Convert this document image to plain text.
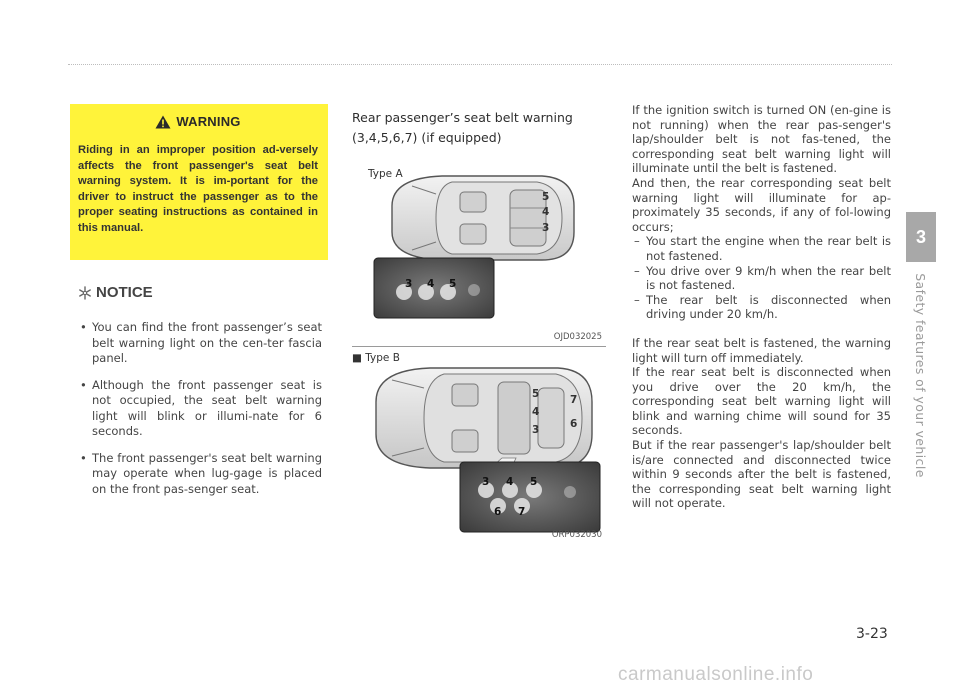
WARNING

Riding in an improper position ad-versely affects the front passenger's seat belt warning system. It is im-portant for the driver to instruct the passenger as to the proper seating instructions as contained in this manual.

NOTICE
• You can find the front passenger’s seat belt warning light on the cen-ter fascia panel.
• Although the front passenger seat is not occupied, the seat belt warning light will blink or illumi-nate for 6 seconds.
• The front passenger's seat belt warning may operate when lug-gage is placed on the front pas-senger seat.
Rear passenger’s seat belt warning (3,4,5,6,7) (if equipped)
Type A
5
4
3
3 4 5
OJD032025
■ Type B
5
4
3
7
6
3 4 5
6 7
ORP032030

If the ignition switch is turned ON (en-gine is not running) when the rear pas-senger's lap/shoulder belt is not fas-tened, the corresponding seat belt warning light will illuminate until the belt is fastened.

And then, the rear corresponding seat belt warning light will illuminate for ap-proximately 35 seconds, if any of fol-lowing occurs;

– You start the engine when the rear belt is not fastened.
– You drive over 9 km/h when the rear belt is not fastened.
– The rear belt is disconnected when driving under 20 km/h.

If the rear seat belt is fastened, the warning light will turn off immediately.

If the rear seat belt is disconnected when you drive over the 20 km/h, the corresponding seat belt warning light will blink and warning chime will sound for 35 seconds.

But if the rear passenger's lap/shoulder belt is/are connected and disconnected twice within 9 seconds after the belt is fastened, the corresponding seat belt warning light will not operate.

3
Safety features of your vehicle
3-23
carmanualsonline.info
